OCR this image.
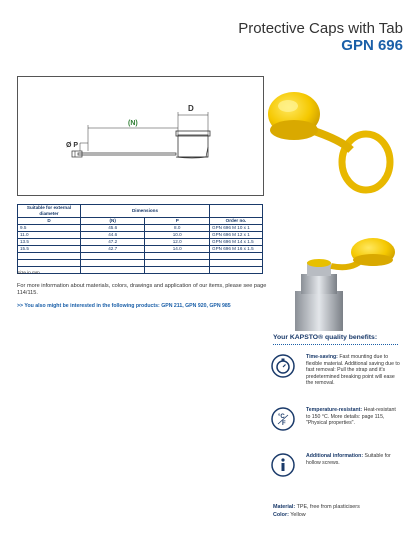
Protective Caps with Tab
GPN 696
D
(N)
Ø P
Suitable for external diameter	Dimensions		
D	(N)	P	Order no.
9.5	45.6	8.0	GPN 696 M 10 x 1
11.0	44.6	10.0	GPN 696 M 12 x 1
13.5	47.2	12.0	GPN 696 M 14 x 1.5
15.5	42.7	14.0	GPN 696 M 16 x 1.5

Size in mm
For more information about materials, colors, drawings and application of our items, please see page 114/115.
>> You also might be interested in the following products: GPN 211, GPN 920, GPN 985
Your KAPSTO® quality benefits:
Time-saving: Fast mounting due to flexible material. Additional saving due to fast removal: Pull the strap and it's predetermined breaking point will ease the removal.
°C
F
Temperature-resistant: Heat-resistant to 150 °C. More details: page 115, "Physical properties".
Additional information: Suitable for hollow screws.
Material: TPE, free from plasticisers
Color: Yellow
